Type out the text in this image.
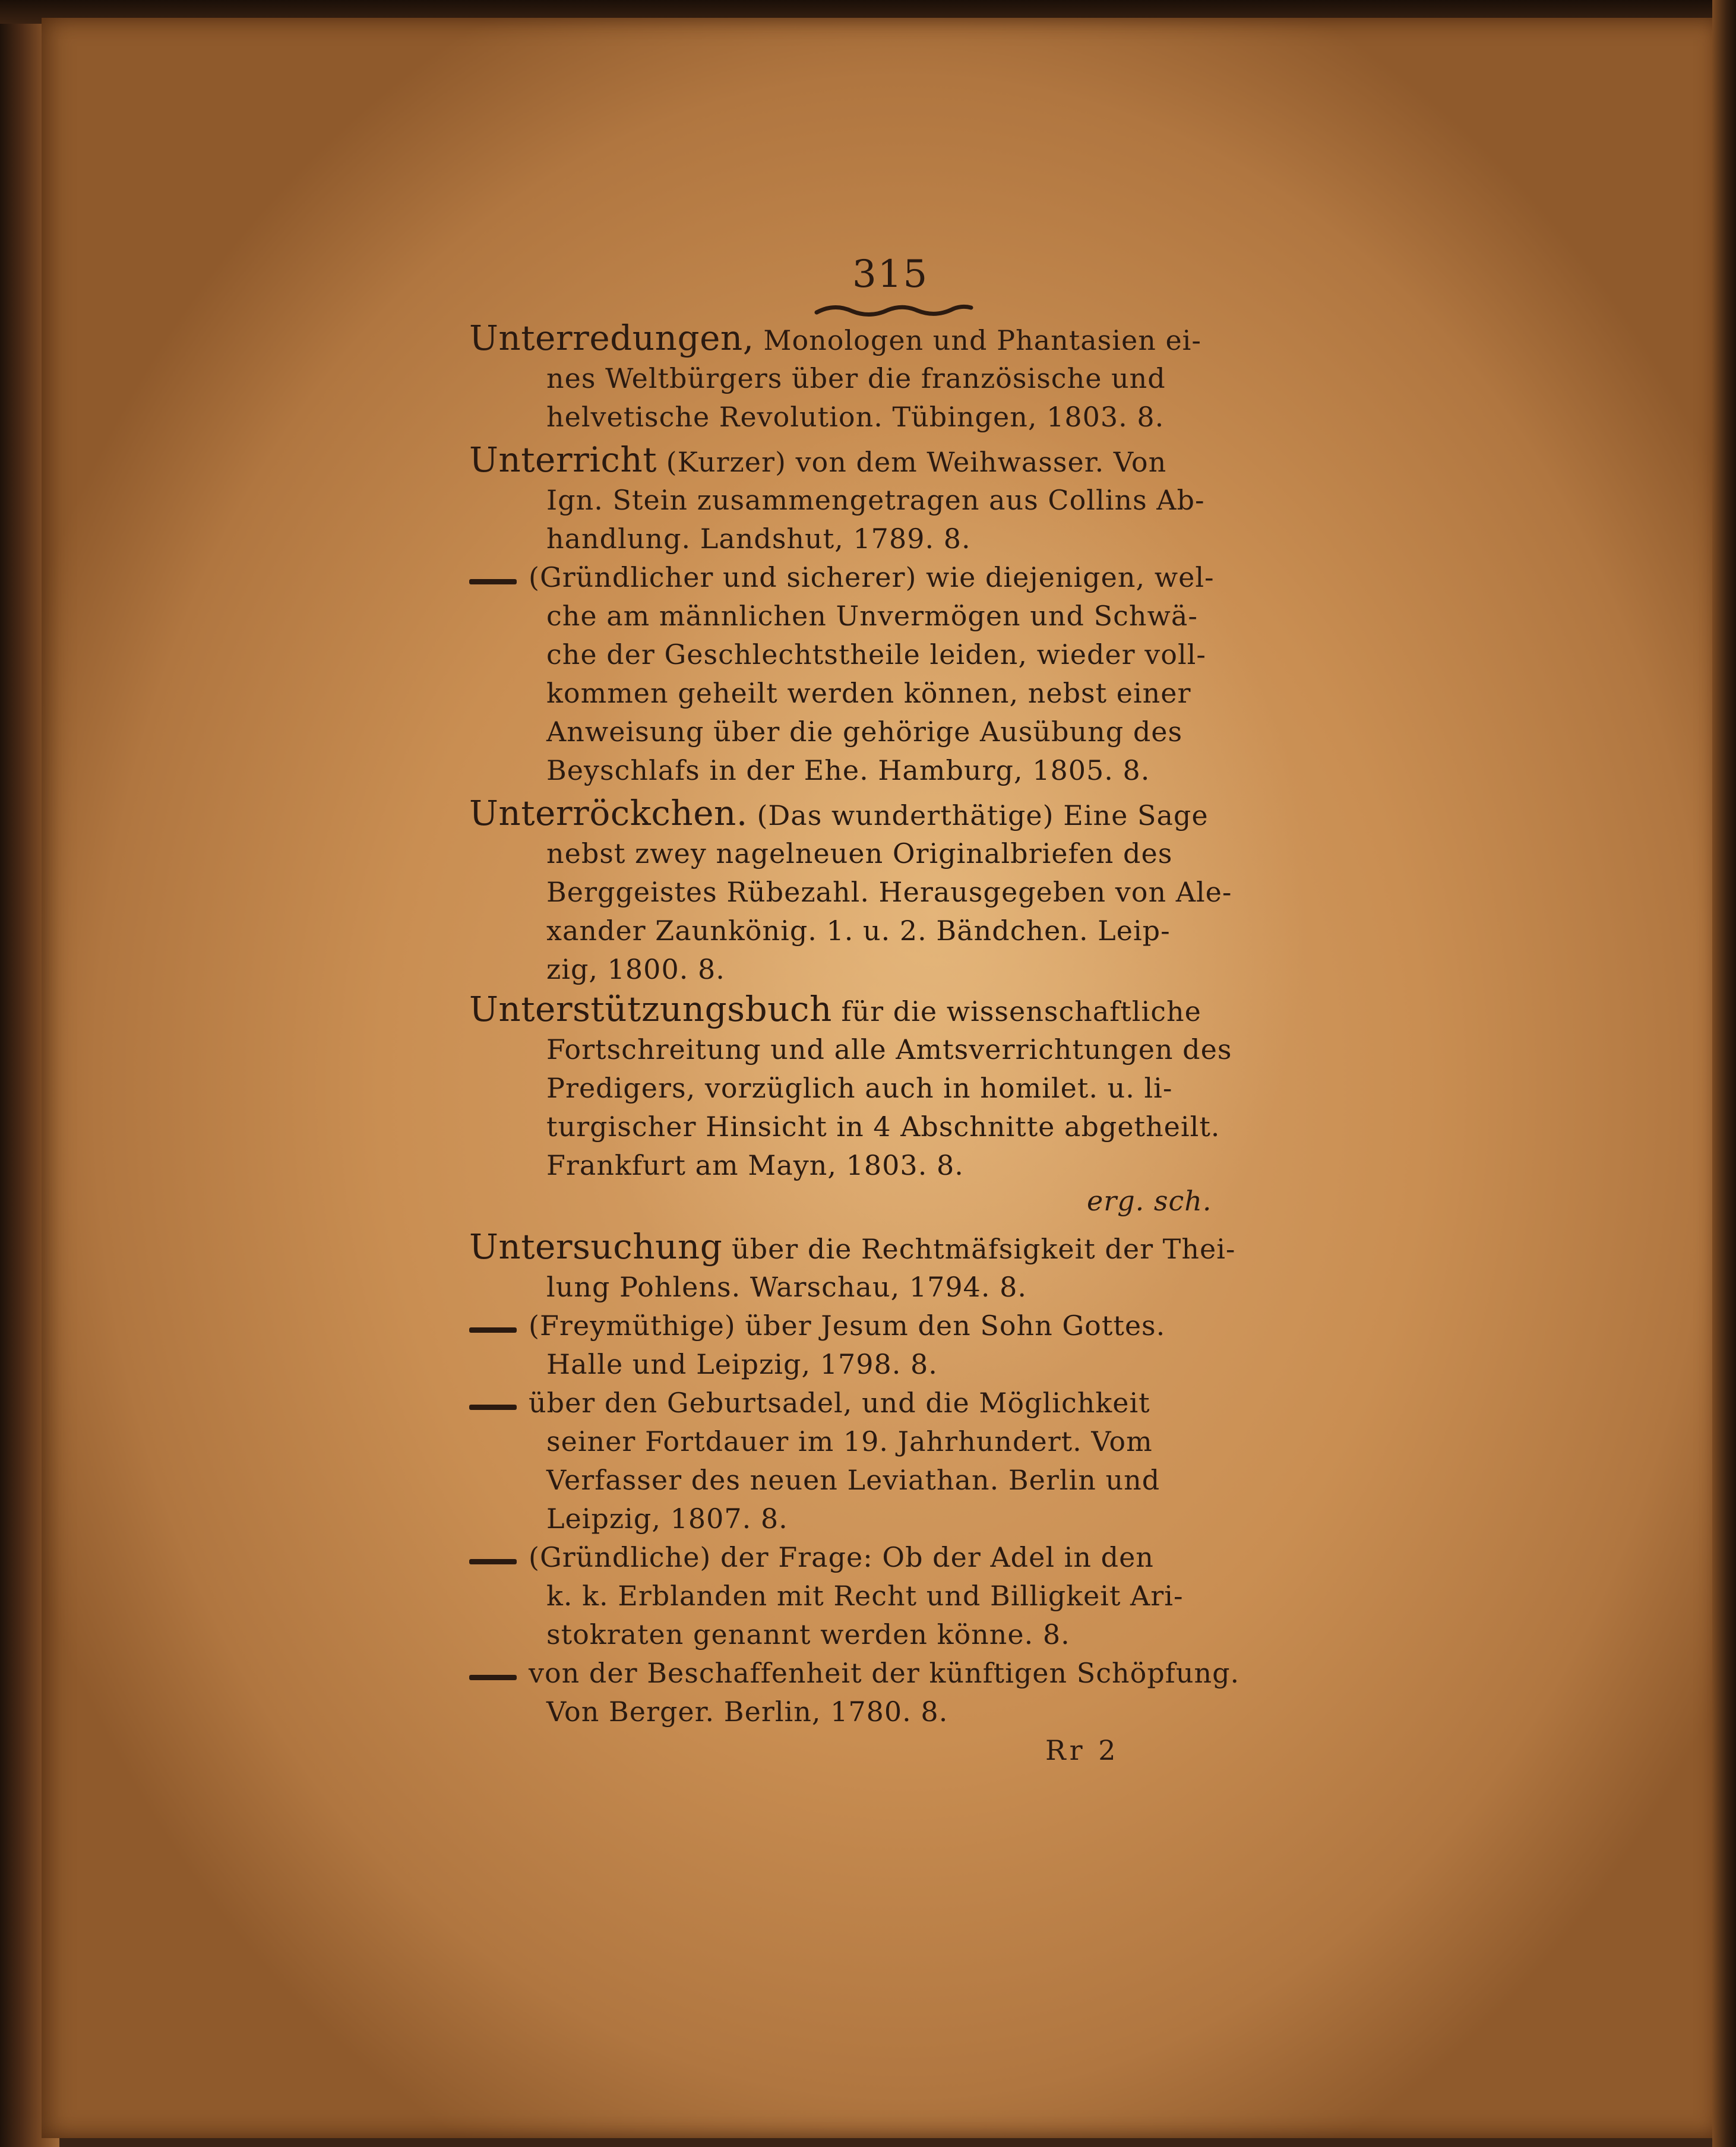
315
Unterredungen, Monologen und Phantasien ei-
nes Weltbürgers über die französische und
helvetische Revolution. Tübingen, 1803. 8.
Unterricht (Kurzer) von dem Weihwasser. Von
Ign. Stein zusammengetragen aus Collins Ab-
handlung. Landshut, 1789. 8.
(Gründlicher und sicherer) wie diejenigen, wel-
che am männlichen Unvermögen und Schwä-
che der Geschlechtstheile leiden, wieder voll-
kommen geheilt werden können, nebst einer
Anweisung über die gehörige Ausübung des
Beyschlafs in der Ehe. Hamburg, 1805. 8.
Unterröckchen. (Das wunderthätige) Eine Sage
nebst zwey nagelneuen Originalbriefen des
Berggeistes Rübezahl. Herausgegeben von Ale-
xander Zaunkönig. 1. u. 2. Bändchen. Leip-
zig, 1800. 8.
Unterstützungsbuch für die wissenschaftliche
Fortschreitung und alle Amtsverrichtungen des
Predigers, vorzüglich auch in homilet. u. li-
turgischer Hinsicht in 4 Abschnitte abgetheilt.
Frankfurt am Mayn, 1803. 8.
erg. sch.
Untersuchung über die Rechtmäfsigkeit der Thei-
lung Pohlens. Warschau, 1794. 8.
(Freymüthige) über Jesum den Sohn Gottes.
Halle und Leipzig, 1798. 8.
über den Geburtsadel, und die Möglichkeit
seiner Fortdauer im 19. Jahrhundert. Vom
Verfasser des neuen Leviathan. Berlin und
Leipzig, 1807. 8.
(Gründliche) der Frage: Ob der Adel in den
k. k. Erblanden mit Recht und Billigkeit Ari-
stokraten genannt werden könne. 8.
von der Beschaffenheit der künftigen Schöpfung.
Von Berger. Berlin, 1780. 8.
Rr 2
